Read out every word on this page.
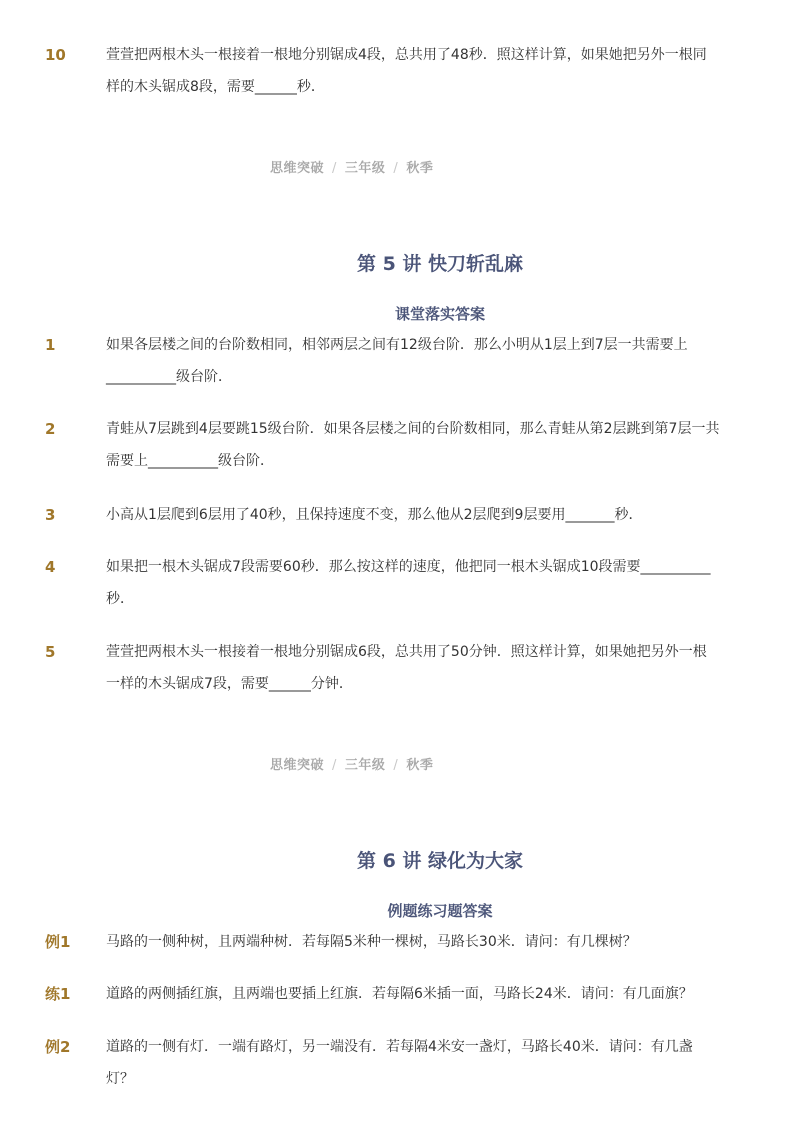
10	萱萱把两根木头一根接着一根地分别锯成4段，总共用了48秒．照这样计算，如果她把另外一根同样的木头锯成8段，需要______秒．
思维突破 / 三年级 / 秋季
第 5 讲 快刀斩乱麻
课堂落实答案
1	如果各层楼之间的台阶数相同，相邻两层之间有12级台阶．那么小明从1层上到7层一共需要上__________级台阶．
2	青蛙从7层跳到4层要跳15级台阶．如果各层楼之间的台阶数相同，那么青蛙从第2层跳到第7层一共需要上__________级台阶．
3	小高从1层爬到6层用了40秒，且保持速度不变，那么他从2层爬到9层要用_______秒．
4	如果把一根木头锯成7段需要60秒．那么按这样的速度，他把同一根木头锯成10段需要__________秒．
5	萱萱把两根木头一根接着一根地分别锯成6段，总共用了50分钟．照这样计算，如果她把另外一根一样的木头锯成7段，需要______分钟．
思维突破 / 三年级 / 秋季
第 6 讲 绿化为大家
例题练习题答案
例1	马路的一侧种树，且两端种树．若每隔5米种一棵树，马路长30米．请问：有几棵树？
练1	道路的两侧插红旗，且两端也要插上红旗．若每隔6米插一面，马路长24米．请问：有几面旗？
例2	道路的一侧有灯．一端有路灯，另一端没有．若每隔4米安一盏灯，马路长40米．请问：有几盏灯？
